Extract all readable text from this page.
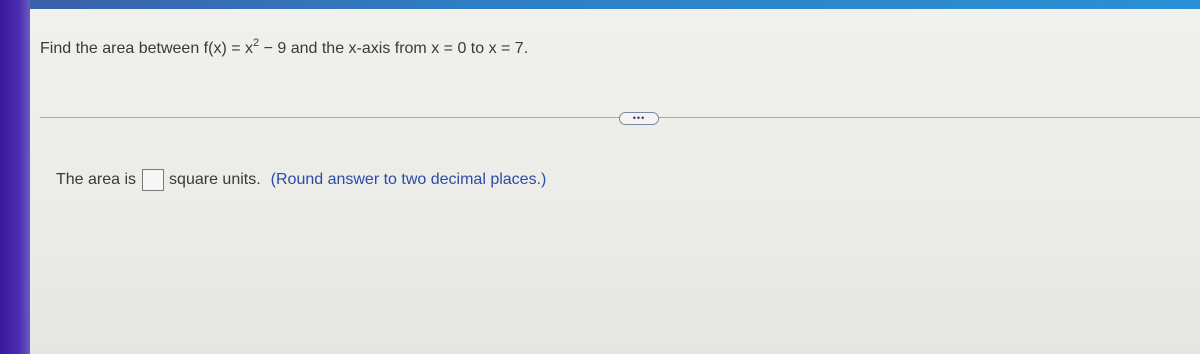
Find the area between $f(x) = x^2 - 9$ and the x-axis from x = 0 to x = 7.
•••
The area is square units. (Round answer to two decimal places.)
